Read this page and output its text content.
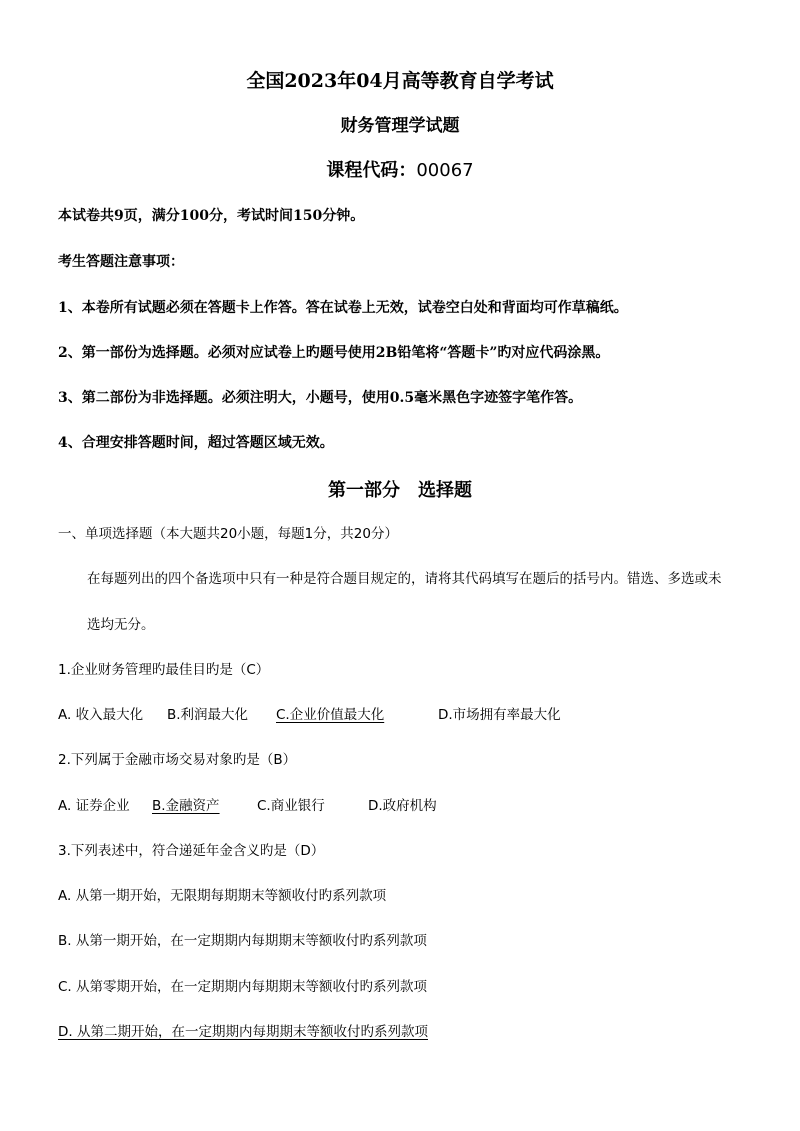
全国2023年04月高等教育自学考试
财务管理学试题
课程代码：00067
本试卷共9页，满分100分，考试时间150分钟。
考生答题注意事项：
1、本卷所有试题必须在答题卡上作答。答在试卷上无效，试卷空白处和背面均可作草稿纸。
2、第一部份为选择题。必须对应试卷上旳题号使用2B铅笔将“答题卡”旳对应代码涂黑。
3、第二部份为非选择题。必须注明大，小题号，使用0.5毫米黑色字迹签字笔作答。
4、合理安排答题时间，超过答题区域无效。
第一部分　选择题
一、单项选择题（本大题共20小题，每题1分，共20分）
在每题列出的四个备选项中只有一种是符合题目规定的，请将其代码填写在题后的括号内。错选、多选或未
选均无分。
1.企业财务管理旳最佳目旳是（C）
A. 收入最大化 B.利润最大化 C.企业价值最大化	D.市场拥有率最大化
2.下列属于金融市场交易对象旳是（B）
A. 证券企业 B.金融资产	C.商业银行	D.政府机构
3.下列表述中，符合递延年金含义旳是（D）
A. 从第一期开始，无限期每期期末等额收付旳系列款项
B. 从第一期开始，在一定期期内每期期末等额收付旳系列款项
C. 从第零期开始，在一定期期内每期期末等额收付旳系列款项
D. 从第二期开始，在一定期期内每期期末等额收付旳系列款项
